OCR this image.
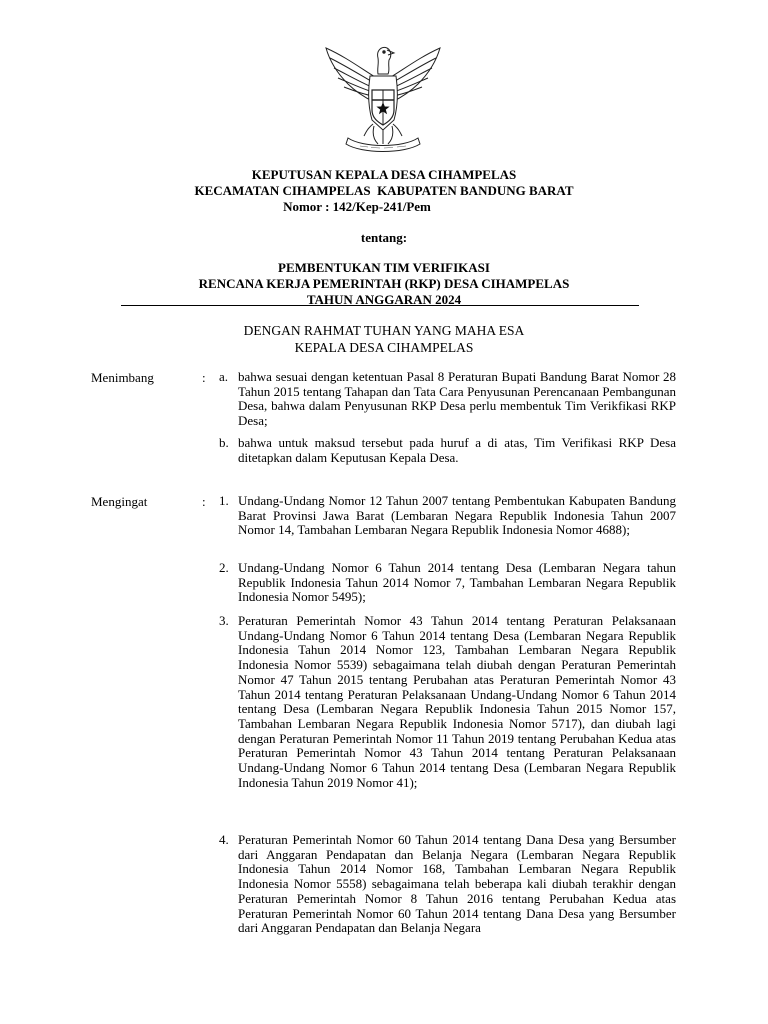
KEPUTUSAN KEPALA DESA CIHAMPELAS
KECAMATAN CIHAMPELAS  KABUPATEN BANDUNG BARAT
Nomor : 142/Kep-241/Pem
tentang:
PEMBENTUKAN TIM VERIFIKASI
RENCANA KERJA PEMERINTAH (RKP) DESA CIHAMPELAS
TAHUN ANGGARAN 2024
DENGAN RAHMAT TUHAN YANG MAHA ESA
KEPALA DESA CIHAMPELAS
Menimbang	: a. bahwa sesuai dengan ketentuan Pasal 8 Peraturan Bupati Bandung Barat Nomor 28 Tahun 2015 tentang Tahapan dan Tata Cara Penyusunan Perencanaan Pembangunan Desa, bahwa dalam Penyusunan RKP Desa perlu membentuk Tim Verikfikasi RKP Desa;
b. bahwa untuk maksud tersebut pada huruf a di atas, Tim Verifikasi RKP Desa ditetapkan dalam Keputusan Kepala Desa.
Mengingat	: 1. Undang-Undang Nomor 12 Tahun 2007 tentang Pembentukan Kabupaten Bandung Barat Provinsi Jawa Barat (Lembaran Negara Republik Indonesia Tahun 2007 Nomor 14, Tambahan Lembaran Negara Republik Indonesia Nomor 4688);
2. Undang-Undang Nomor 6 Tahun 2014 tentang Desa (Lembaran Negara tahun Republik Indonesia Tahun 2014 Nomor 7, Tambahan Lembaran Negara Republik Indonesia Nomor 5495);
3. Peraturan Pemerintah Nomor 43 Tahun 2014 tentang Peraturan Pelaksanaan Undang-Undang Nomor 6 Tahun 2014 tentang Desa (Lembaran Negara Republik Indonesia Tahun 2014 Nomor 123, Tambahan Lembaran Negara Republik Indonesia Nomor 5539) sebagaimana telah diubah dengan Peraturan Pemerintah Nomor 47 Tahun 2015 tentang Perubahan atas Peraturan Pemerintah Nomor 43 Tahun 2014 tentang Peraturan Pelaksanaan Undang-Undang Nomor 6 Tahun 2014 tentang Desa (Lembaran Negara Republik Indonesia Tahun 2015 Nomor 157, Tambahan Lembaran Negara Republik Indonesia Nomor 5717), dan diubah lagi dengan Peraturan Pemerintah Nomor 11 Tahun 2019 tentang Perubahan Kedua atas Peraturan Pemerintah Nomor 43 Tahun 2014 tentang Peraturan Pelaksanaan Undang-Undang Nomor 6 Tahun 2014 tentang Desa (Lembaran Negara Republik Indonesia Tahun 2019 Nomor 41);
4. Peraturan Pemerintah Nomor 60 Tahun 2014 tentang Dana Desa yang Bersumber dari Anggaran Pendapatan dan Belanja Negara (Lembaran Negara Republik Indonesia Tahun 2014 Nomor 168, Tambahan Lembaran Negara Republik Indonesia Nomor 5558) sebagaimana telah beberapa kali diubah terakhir dengan Peraturan Pemerintah Nomor 8 Tahun 2016 tentang Perubahan Kedua atas Peraturan Pemerintah Nomor 60 Tahun 2014 tentang Dana Desa yang Bersumber dari Anggaran Pendapatan dan Belanja Negara
